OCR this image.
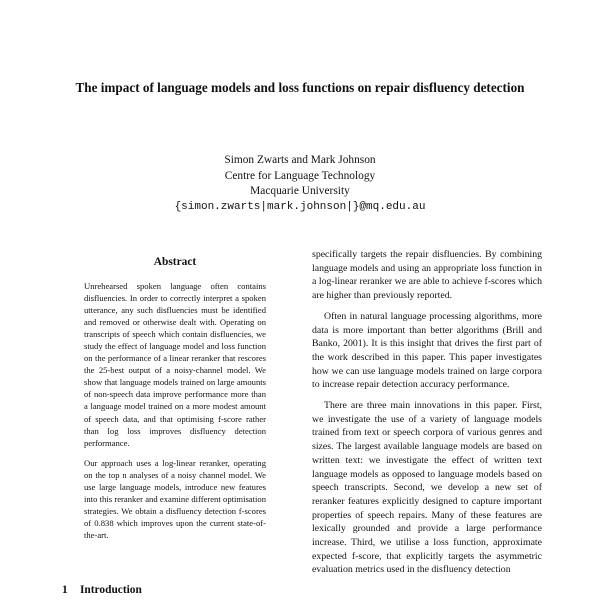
The impact of language models and loss functions on repair disfluency detection
Simon Zwarts and Mark Johnson
Centre for Language Technology
Macquarie University
{simon.zwarts|mark.johnson|}@mq.edu.au
Abstract

Unrehearsed spoken language often contains disfluencies. In order to correctly interpret a spoken utterance, any such disfluencies must be identified and removed or otherwise dealt with. Operating on transcripts of speech which contain disfluencies, we study the effect of language model and loss function on the performance of a linear reranker that rescores the 25-best output of a noisy-channel model. We show that language models trained on large amounts of non-speech data improve performance more than a language model trained on a more modest amount of speech data, and that optimising f-score rather than log loss improves disfluency detection performance.

Our approach uses a log-linear reranker, operating on the top n analyses of a noisy channel model. We use large language models, introduce new features into this reranker and examine different optimisation strategies. We obtain a disfluency detection f-scores of 0.838 which improves upon the current state-of-the-art.

1 Introduction

specifically targets the repair disfluencies. By combining language models and using an appropriate loss function in a log-linear reranker we are able to achieve f-scores which are higher than previously reported.

Often in natural language processing algorithms, more data is more important than better algorithms (Brill and Banko, 2001). It is this insight that drives the first part of the work described in this paper. This paper investigates how we can use language models trained on large corpora to increase repair detection accuracy performance.

There are three main innovations in this paper. First, we investigate the use of a variety of language models trained from text or speech corpora of various genres and sizes. The largest available language models are based on written text: we investigate the effect of written text language models as opposed to language models based on speech transcripts. Second, we develop a new set of reranker features explicitly designed to capture important properties of speech repairs. Many of these features are lexically grounded and provide a large performance increase. Third, we utilise a loss function, approximate expected f-score, that explicitly targets the asymmetric evaluation metrics used in the disfluency detection
